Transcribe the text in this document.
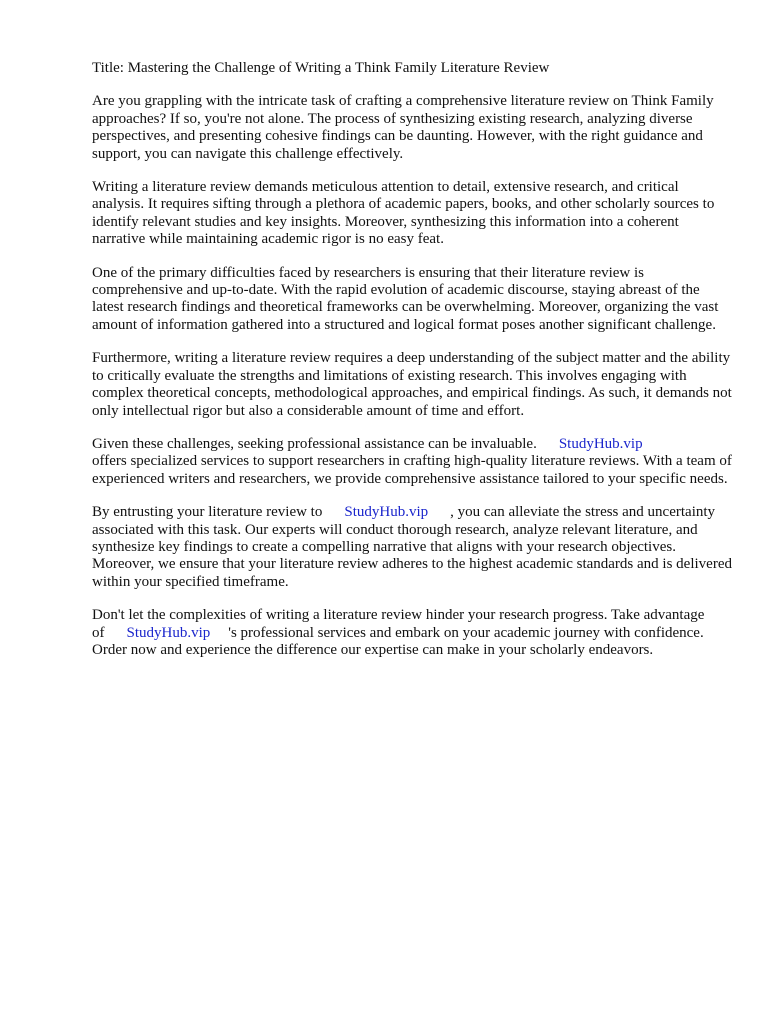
Title: Mastering the Challenge of Writing a Think Family Literature Review

Are you grappling with the intricate task of crafting a comprehensive literature review on Think Family approaches? If so, you're not alone. The process of synthesizing existing research, analyzing diverse perspectives, and presenting cohesive findings can be daunting. However, with the right guidance and support, you can navigate this challenge effectively.

Writing a literature review demands meticulous attention to detail, extensive research, and critical analysis. It requires sifting through a plethora of academic papers, books, and other scholarly sources to identify relevant studies and key insights. Moreover, synthesizing this information into a coherent narrative while maintaining academic rigor is no easy feat.

One of the primary difficulties faced by researchers is ensuring that their literature review is comprehensive and up-to-date. With the rapid evolution of academic discourse, staying abreast of the latest research findings and theoretical frameworks can be overwhelming. Moreover, organizing the vast amount of information gathered into a structured and logical format poses another significant challenge.

Furthermore, writing a literature review requires a deep understanding of the subject matter and the ability to critically evaluate the strengths and limitations of existing research. This involves engaging with complex theoretical concepts, methodological approaches, and empirical findings. As such, it demands not only intellectual rigor but also a considerable amount of time and effort.

Given these challenges, seeking professional assistance can be invaluable. StudyHub.vip
offers specialized services to support researchers in crafting high-quality literature reviews. With a team of experienced writers and researchers, we provide comprehensive assistance tailored to your specific needs.

By entrusting your literature review to StudyHub.vip , you can alleviate the stress and uncertainty associated with this task. Our experts will conduct thorough research, analyze relevant literature, and synthesize key findings to create a compelling narrative that aligns with your research objectives. Moreover, we ensure that your literature review adheres to the highest academic standards and is delivered within your specified timeframe.

Don't let the complexities of writing a literature review hinder your research progress. Take advantage of StudyHub.vip 's professional services and embark on your academic journey with confidence. Order now and experience the difference our expertise can make in your scholarly endeavors.
